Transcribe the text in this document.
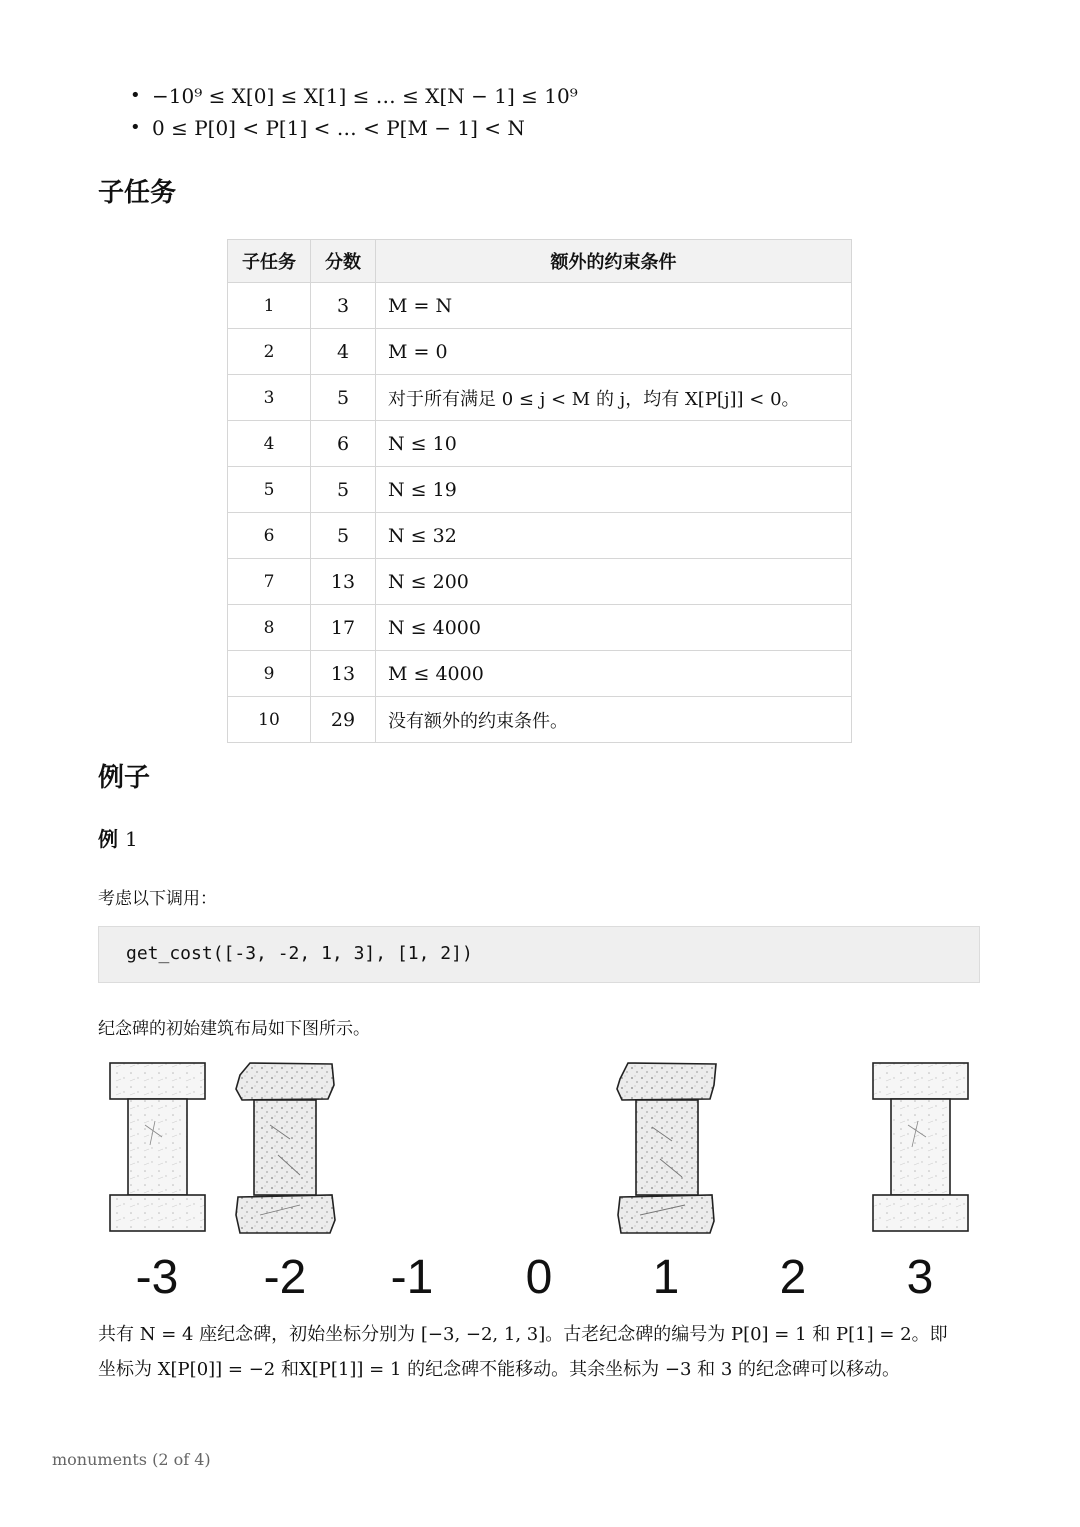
• −10⁹ ≤ X[0] ≤ X[1] ≤ … ≤ X[N − 1] ≤ 10⁹
• 0 ≤ P[0] < P[1] < … < P[M − 1] < N
子任务
子任务	分数	额外的约束条件
1	3	M = N
2	4	M = 0
3	5	对于所有满足 0 ≤ j < M 的 j，均有 X[P[j]] < 0。
4	6	N ≤ 10
5	5	N ≤ 19
6	5	N ≤ 32
7	13	N ≤ 200
8	17	N ≤ 4000
9	13	M ≤ 4000
10	29	没有额外的约束条件。
例子
例 1

考虑以下调用：

get_cost([-3, -2, 1, 3], [1, 2])

纪念碑的初始建筑布局如下图所示。

-3 -2 -1 0 1 2 3

共有 N = 4 座纪念碑，初始坐标分别为 [−3, −2, 1, 3]。古老纪念碑的编号为 P[0] = 1 和 P[1] = 2。即
坐标为 X[P[0]] = −2 和X[P[1]] = 1 的纪念碑不能移动。其余坐标为 −3 和 3 的纪念碑可以移动。

monuments (2 of 4)
